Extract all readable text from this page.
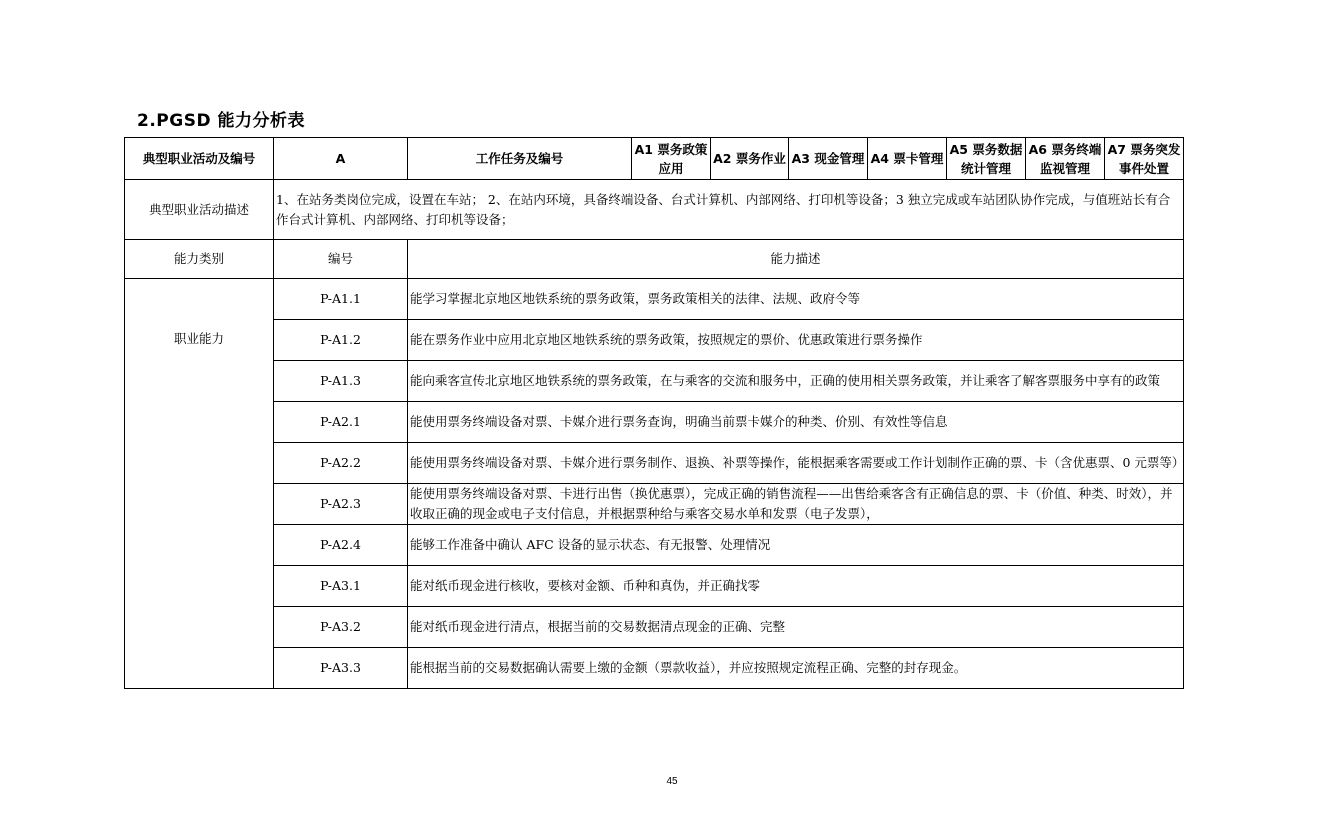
2.PGSD 能力分析表
典型职业活动及编号	A	工作任务及编号	A1 票务政策应用	A2 票务作业	A3 现金管理	A4 票卡管理	A5 票务数据统计管理	A6 票务终端监视管理	A7 票务突发事件处置
典型职业活动描述	1、在站务类岗位完成，设置在车站； 2、在站内环境，具备终端设备、台式计算机、内部网络、打印机等设备；3 独立完成或车站团队协作完成，与值班站长有合作台式计算机、内部网络、打印机等设备；								
能力类别	编号	能力描述							
职业能力	P-A1.1	能学习掌握北京地区地铁系统的票务政策，票务政策相关的法律、法规、政府令等							
	P-A1.2	能在票务作业中应用北京地区地铁系统的票务政策，按照规定的票价、优惠政策进行票务操作							
	P-A1.3	能向乘客宣传北京地区地铁系统的票务政策，在与乘客的交流和服务中，正确的使用相关票务政策，并让乘客了解客票服务中享有的政策							
	P-A2.1	能使用票务终端设备对票、卡媒介进行票务查询，明确当前票卡媒介的种类、价别、有效性等信息							
	P-A2.2	能使用票务终端设备对票、卡媒介进行票务制作、退换、补票等操作，能根据乘客需要或工作计划制作正确的票、卡（含优惠票、0 元票等）							
	P-A2.3	能使用票务终端设备对票、卡进行出售（换优惠票），完成正确的销售流程——出售给乘客含有正确信息的票、卡（价值、种类、时效），并收取正确的现金或电子支付信息，并根据票种给与乘客交易水单和发票（电子发票），							
	P-A2.4	能够工作准备中确认 AFC 设备的显示状态、有无报警、处理情况							
	P-A3.1	能对纸币现金进行核收，要核对金额、币种和真伪，并正确找零							
	P-A3.2	能对纸币现金进行清点，根据当前的交易数据清点现金的正确、完整							
	P-A3.3	能根据当前的交易数据确认需要上缴的金额（票款收益），并应按照规定流程正确、完整的封存现金。							
45
